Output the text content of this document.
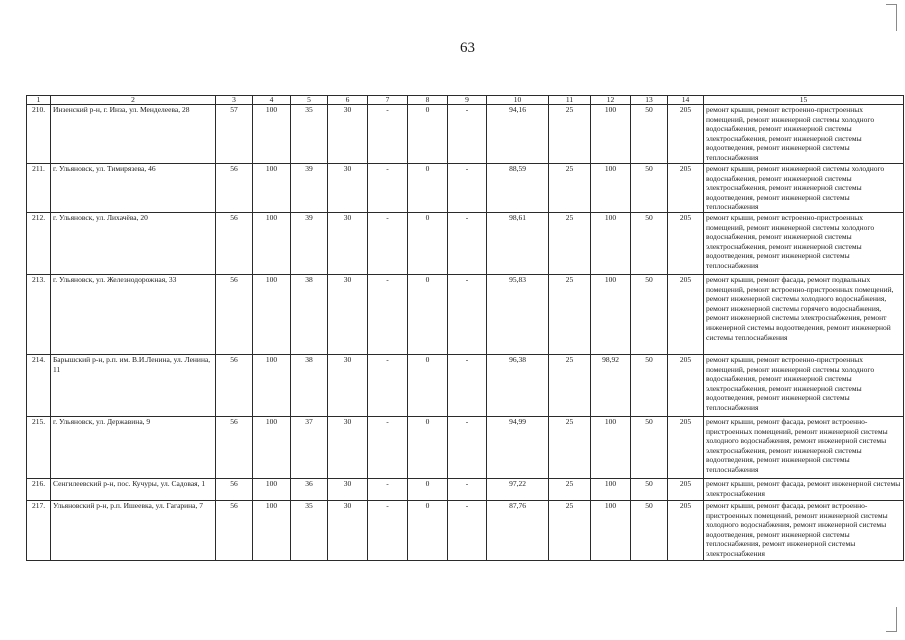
63
1	2	3	4	5	6	7	8	9	10	11	12	13	14	15
210.	Инзенский р-н, г. Инза, ул. Менделеева, 28	57	100	35	30	-	0	-	94,16	25	100	50	205	ремонт крыши, ремонт встроенно-пристроенных помещений, ремонт инженерной системы холодного водоснабжения, ремонт инженерной системы электроснабжения, ремонт инженерной системы водоотведения, ремонт инженерной системы теплоснабжения
211.	г. Ульяновск, ул. Тимирязева, 46	56	100	39	30	-	0	-	88,59	25	100	50	205	ремонт крыши, ремонт инженерной системы холодного водоснабжения, ремонт инженерной системы электроснабжения, ремонт инженерной системы водоотведения, ремонт инженерной системы теплоснабжения
212.	г. Ульяновск, ул. Лихачёва, 20	56	100	39	30	-	0	-	98,61	25	100	50	205	ремонт крыши, ремонт встроенно-пристроенных помещений, ремонт инженерной системы холодного водоснабжения, ремонт инженерной системы электроснабжения, ремонт инженерной системы водоотведения, ремонт инженерной системы теплоснабжения
213.	г. Ульяновск, ул. Железнодорожная, 33	56	100	38	30	-	0	-	95,83	25	100	50	205	ремонт крыши, ремонт фасада, ремонт подвальных помещений, ремонт встроенно-пристроенных помещений, ремонт инженерной системы холодного водоснабжения, ремонт инженерной системы горячего водоснабжения, ремонт инженерной системы электроснабжения, ремонт инженерной системы водоотведения, ремонт инженерной системы теплоснабжения
214.	Барышский р-н, р.п. им. В.И.Ленина, ул. Ленина, 11	56	100	38	30	-	0	-	96,38	25	98,92	50	205	ремонт крыши, ремонт встроенно-пристроенных помещений, ремонт инженерной системы холодного водоснабжения, ремонт инженерной системы электроснабжения, ремонт инженерной системы водоотведения, ремонт инженерной системы теплоснабжения
215.	г. Ульяновск, ул. Державина, 9	56	100	37	30	-	0	-	94,99	25	100	50	205	ремонт крыши, ремонт фасада, ремонт встроенно-пристроенных помещений, ремонт инженерной системы холодного водоснабжения, ремонт инженерной системы электроснабжения, ремонт инженерной системы водоотведения, ремонт инженерной системы теплоснабжения
216.	Сенгилеевский р-н, пос. Кучуры, ул. Садовая, 1	56	100	36	30	-	0	-	97,22	25	100	50	205	ремонт крыши, ремонт фасада, ремонт инженерной системы электроснабжения
217.	Ульяновский р-н, р.п. Ишеевка, ул. Гагарина, 7	56	100	35	30	-	0	-	87,76	25	100	50	205	ремонт крыши, ремонт фасада, ремонт встроенно-пристроенных помещений, ремонт инженерной системы холодного водоснабжения, ремонт инженерной системы водоотведения, ремонт инженерной системы теплоснабжения, ремонт инженерной системы электроснабжения
